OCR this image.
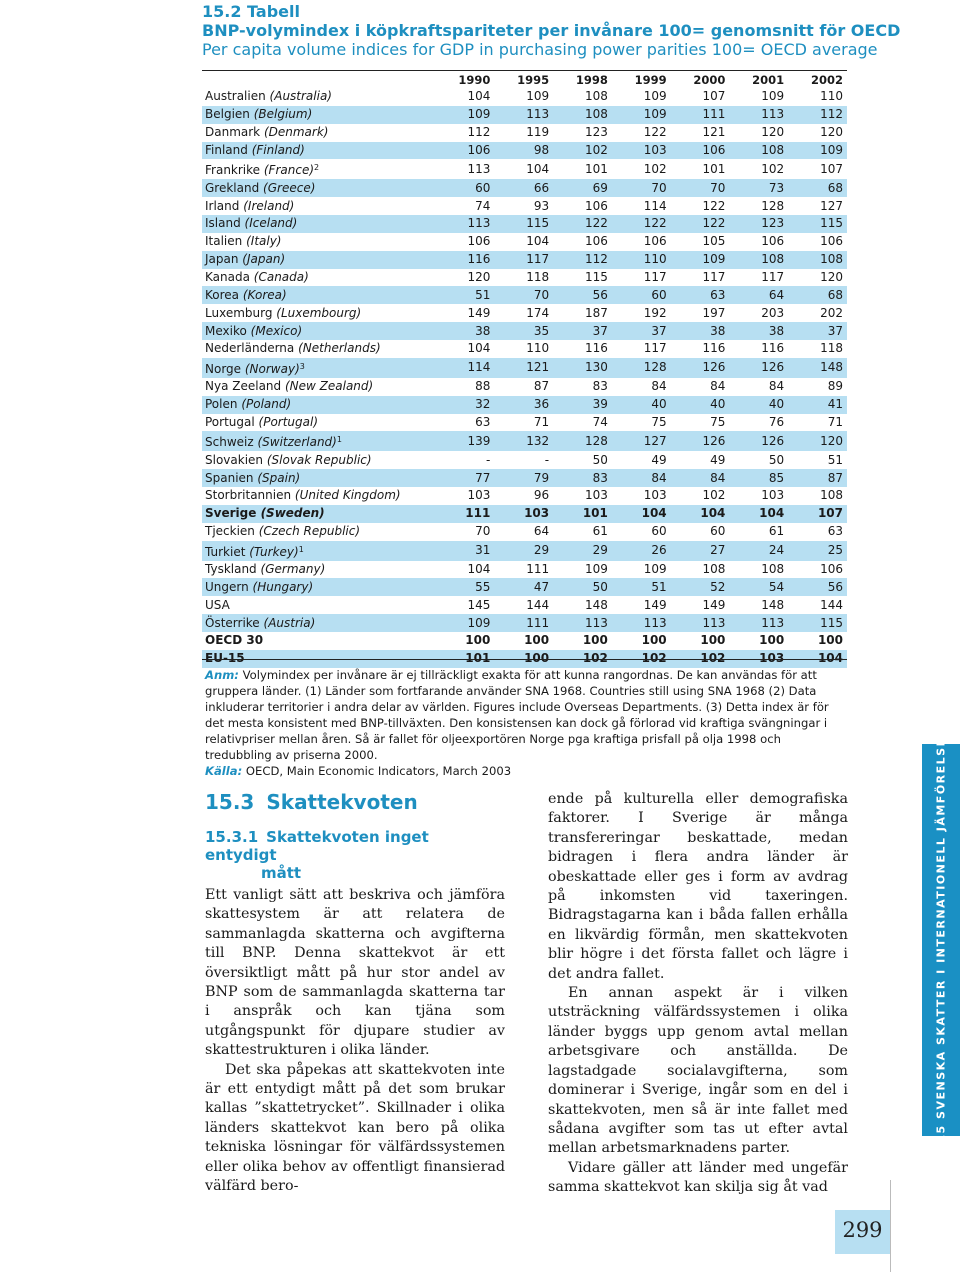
15.2 Tabell
BNP-volymindex i köpkraftspariteter per invånare 100= genomsnitt för OECD
Per capita volume indices for GDP in purchasing power parities 100= OECD average
	1990	1995	1998	1999	2000	2001	2002
Australien (Australia)	104	109	108	109	107	109	110
Belgien (Belgium)	109	113	108	109	111	113	112
Danmark (Denmark)	112	119	123	122	121	120	120
Finland (Finland)	106	98	102	103	106	108	109
Frankrike (France)$^2$	113	104	101	102	101	102	107
Grekland (Greece)	60	66	69	70	70	73	68
Irland (Ireland)	74	93	106	114	122	128	127
Island (Iceland)	113	115	122	122	122	123	115
Italien (Italy)	106	104	106	106	105	106	106
Japan (Japan)	116	117	112	110	109	108	108
Kanada (Canada)	120	118	115	117	117	117	120
Korea (Korea)	51	70	56	60	63	64	68
Luxemburg (Luxembourg)	149	174	187	192	197	203	202
Mexiko (Mexico)	38	35	37	37	38	38	37
Nederländerna (Netherlands)	104	110	116	117	116	116	118
Norge (Norway)$^3$	114	121	130	128	126	126	148
Nya Zeeland (New Zealand)	88	87	83	84	84	84	89
Polen (Poland)	32	36	39	40	40	40	41
Portugal (Portugal)	63	71	74	75	75	76	71
Schweiz (Switzerland)$^1$	139	132	128	127	126	126	120
Slovakien (Slovak Republic)	-	-	50	49	49	50	51
Spanien (Spain)	77	79	83	84	84	85	87
Storbritannien (United Kingdom)	103	96	103	103	102	103	108
Sverige (Sweden)	111	103	101	104	104	104	107
Tjeckien (Czech Republic)	70	64	61	60	60	61	63
Turkiet (Turkey)$^1$	31	29	29	26	27	24	25
Tyskland (Germany)	104	111	109	109	108	108	106
Ungern (Hungary)	55	47	50	51	52	54	56
USA	145	144	148	149	149	148	144
Österrike (Austria)	109	111	113	113	113	113	115
OECD 30	100	100	100	100	100	100	100
EU-15	101	100	102	102	102	103	104

Anm: Volymindex per invånare är ej tillräckligt exakta för att kunna rangordnas. De kan användas för att gruppera länder. (1) Länder som fortfarande använder SNA 1968. Countries still using SNA 1968 (2) Data inkluderar territorier i andra delar av världen. Figures include Overseas Departments. (3) Detta index är för det mesta konsistent med BNP-tillväxten. Den konsistensen kan dock gå förlorad vid kraftiga svängningar i relativpriser mellan åren. Så är fallet för oljeexportören Norge pga kraftiga prisfall på olja 1998 och tredubbling av priserna 2000.

Källa: OECD, Main Economic Indicators, March 2003

15.3 Skattekvoten
15.3.1 Skattekvoten inget entydigt
mått

Ett vanligt sätt att beskriva och jämföra skattesystem är att relatera de sammanlagda skatterna och avgifterna till BNP. Denna skattekvot är ett översiktligt mått på hur stor andel av BNP som de sammanlagda skatterna tar i anspråk och kan tjäna som utgångspunkt för djupare studier av skattestrukturen i olika länder.

Det ska påpekas att skattekvoten inte är ett entydigt mått på det som brukar kallas ”skattetrycket”. Skillnader i olika länders skattekvot kan bero på olika tekniska lösningar för välfärdssystemen eller olika behov av offentligt finansierad välfärd bero-

ende på kulturella eller demografiska faktorer. I Sverige är många transfereringar beskattade, medan bidragen i flera andra länder är obeskattade eller ges i form av avdrag på inkomsten vid taxeringen. Bidragstagarna kan i båda fallen erhålla en likvärdig förmån, men skattekvoten blir högre i det första fallet och lägre i det andra fallet.

En annan aspekt är i vilken utsträckning välfärdssystemen i olika länder byggs upp genom avtal mellan arbetsgivare och anställda. De lagstadgade socialavgifterna, som dominerar i Sverige, ingår som en del i skattekvoten, men så är inte fallet med sådana avgifter som tas ut efter avtal mellan arbetsmarknadens parter.

Vidare gäller att länder med ungefär samma skattekvot kan skilja sig åt vad

15 SVENSKA SKATTER I INTERNATIONELL JÄMFÖRELSE
299
